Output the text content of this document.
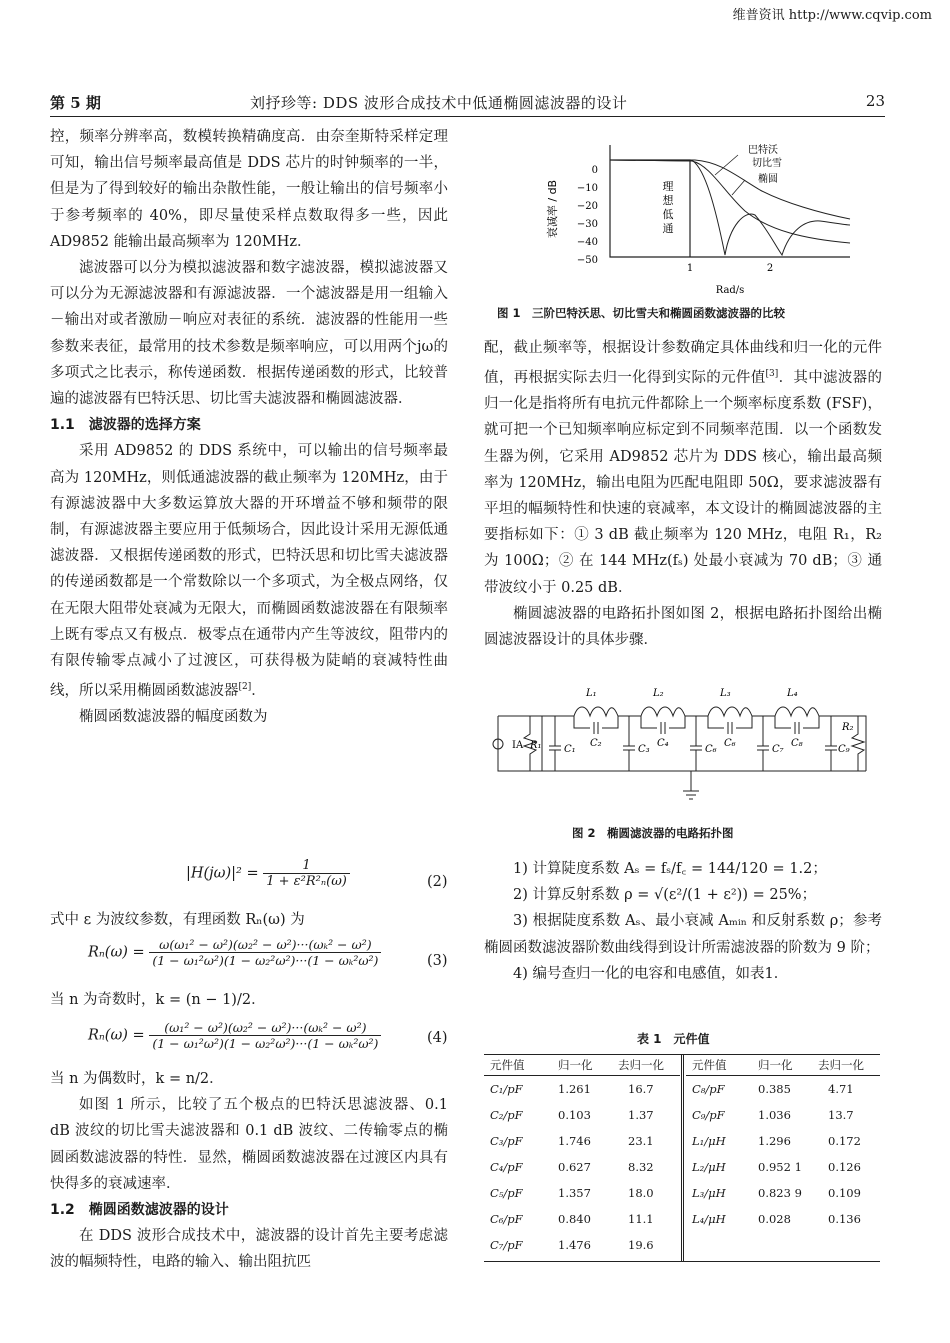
维普资讯 http://www.cqvip.com
第 5 期	刘抒珍等: DDS 波形合成技术中低通椭圆滤波器的设计	23

控，频率分辨率高，数模转换精确度高．由奈奎斯特采样定理可知，输出信号频率最高值是 DDS 芯片的时钟频率的一半，但是为了得到较好的输出杂散性能，一般让输出的信号频率小于参考频率的 40%，即尽量使采样点数取得多一些，因此 AD9852 能输出最高频率为 120MHz．

滤波器可以分为模拟滤波器和数字滤波器，模拟滤波器又可以分为无源滤波器和有源滤波器．一个滤波器是用一组输入－输出对或者激励－响应对表征的系统．滤波器的性能用一些参数来表征，最常用的技术参数是频率响应，可以用两个jω的多项式之比表示，称传递函数．根据传递函数的形式，比较普遍的滤波器有巴特沃思、切比雪夫滤波器和椭圆滤波器．

1.1　滤波器的选择方案

采用 AD9852 的 DDS 系统中，可以输出的信号频率最高为 120MHz，则低通滤波器的截止频率为 120MHz，由于有源滤波器中大多数运算放大器的开环增益不够和频带的限制，有源滤波器主要应用于低频场合，因此设计采用无源低通滤波器．又根据传递函数的形式，巴特沃思和切比雪夫滤波器的传递函数都是一个常数除以一个多项式，为全极点网络，仅在无限大阻带处衰减为无限大，而椭圆函数滤波器在有限频率上既有零点又有极点．极零点在通带内产生等波纹，阻带内的有限传输零点减小了过渡区，可获得极为陡峭的衰减特性曲线，所以采用椭圆函数滤波器[2]．

椭圆函数滤波器的幅度函数为

$|H(j\omega)|^2 = \frac{1}{\text{1 + ε²R²ₙ(ω)}}$	(2)

式中 ε 为波纹参数，有理函数 Rₙ(ω) 为

$R_n(\omega) = \frac{\text{ω(ω₁² − ω²)(ω₂² − ω²)···(ωₖ² − ω²)}}{\text{(1 − ω₁²ω²)(1 − ω₂²ω²)···(1 − ωₖ²ω²)}}$	(3)

当 n 为奇数时，k = (n − 1)/2．

$R_n(\omega) = \frac{\text{(ω₁² − ω²)(ω₂² − ω²)···(ωₖ² − ω²)}}{\text{(1 − ω₁²ω²)(1 − ω₂²ω²)···(1 − ωₖ²ω²)}}$	(4)

当 n 为偶数时，k = n/2．

如图 1 所示，比较了五个极点的巴特沃思滤波器、0.1 dB 波纹的切比雪夫滤波器和 0.1 dB 波纹、二传输零点的椭圆函数滤波器的特性．显然，椭圆函数滤波器在过渡区内具有快得多的衰减速率．

1.2　椭圆函数滤波器的设计

在 DDS 波形合成技术中，滤波器的设计首先主要考虑滤波的幅频特性，电路的输入、输出阻抗匹

衰减率 / dB
0
−10
−20
−30
−40
−50
理
想
低
通
巴特沃
切比雪
椭圆
1	2
Rad/s
图 1　三阶巴特沃思、切比雪夫和椭圆函数滤波器的比较

配，截止频率等，根据设计参数确定具体曲线和归一化的元件值，再根据实际去归一化得到实际的元件值[3]．其中滤波器的归一化是指将所有电抗元件都除上一个频率标度系数 (FSF)，就可把一个已知频率响应标定到不同频率范围．以一个函数发生器为例，它采用 AD9852 芯片为 DDS 核心，输出最高频率为 120MHz，输出电阻为匹配电阻即 50Ω，要求滤波器有平坦的幅频特性和快速的衰减率，本文设计的椭圆滤波器的主要指标如下：① 3 dB 截止频率为 120 MHz，电阻 R₁，R₂ 为 100Ω；② 在 144 MHz(fₛ) 处最小衰减为 70 dB；③ 通带波纹小于 0.25 dB．

椭圆滤波器的电路拓扑图如图 2，根据电路拓扑图给出椭圆滤波器设计的具体步骤．

L₁	L₂	L₃	L₄
C₂	C₄	C₆	C₈
IA R₁ C₁	C₃	C₆	C₇	C₉
R₂
图 2　椭圆滤波器的电路拓扑图

1) 计算陡度系数 Aₛ = fₛ/f꜀ = 144/120 = 1.2；

2) 计算反射系数 ρ = √(ε²/(1 + ε²)) = 25%；

3) 根据陡度系数 Aₛ、最小衰减 Aₘᵢₙ 和反射系数 ρ；参考椭圆函数滤波器阶数曲线得到设计所需滤波器的阶数为 9 阶；

4) 编号查归一化的电容和电感值，如表1．

表 1　元件值
元件值	归一化	去归一化
C₁/pF	1.261	16.7
C₂/pF	0.103	1.37
C₃/pF	1.746	23.1
C₄/pF	0.627	8.32
C₅/pF	1.357	18.0
C₆/pF	0.840	11.1
C₇/pF	1.476	19.6
元件值	归一化	去归一化
C₈/pF	0.385	4.71
C₉/pF	1.036	13.7
L₁/μH	1.296	0.172
L₂/μH	0.952 1	0.126
L₃/μH	0.823 9	0.109
L₄/μH	0.028	0.136
